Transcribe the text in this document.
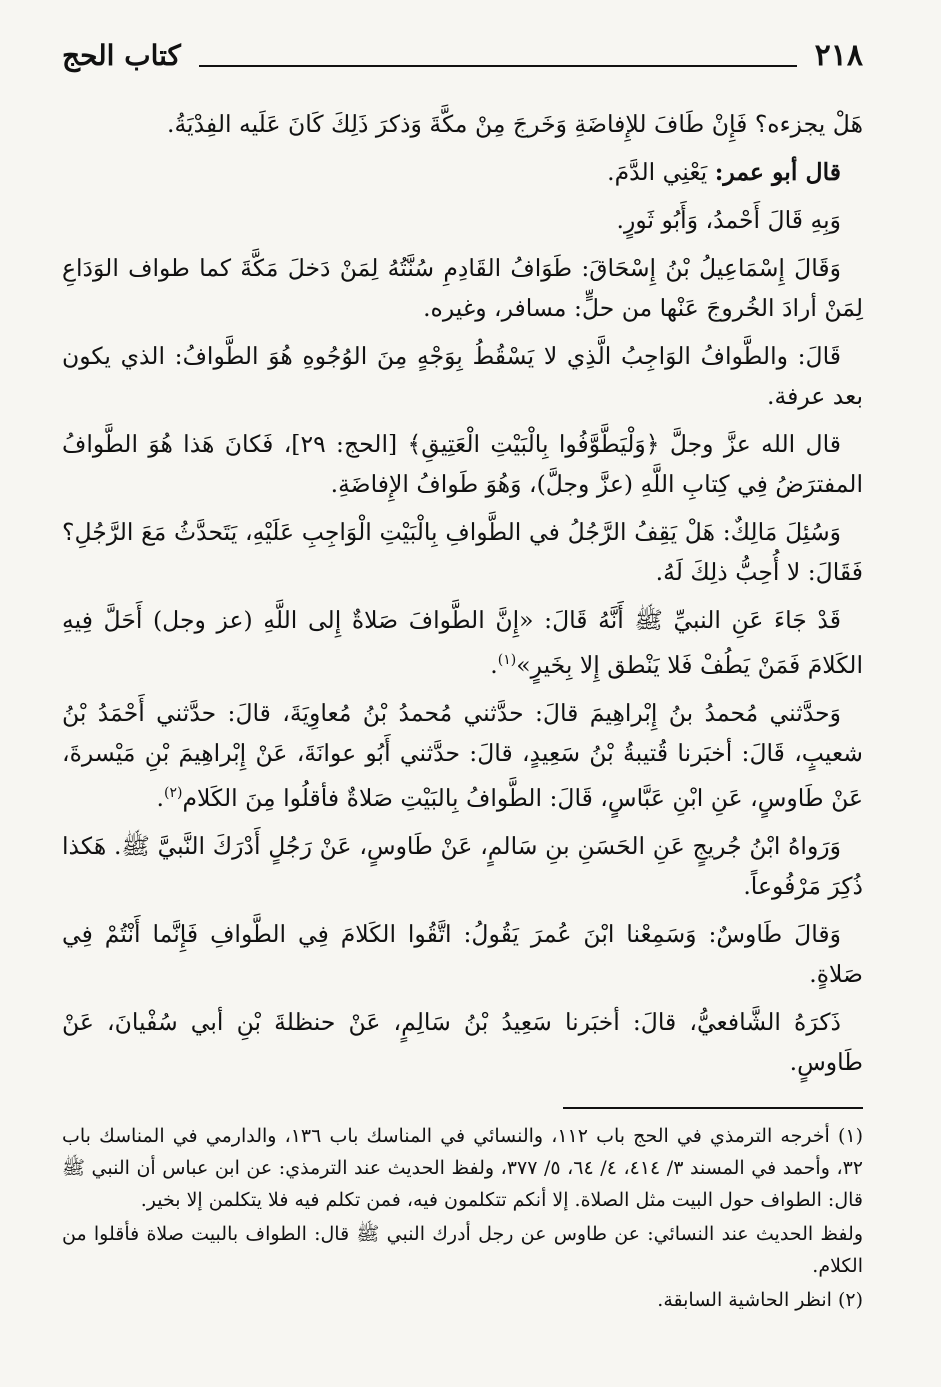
٢١٨
كتاب الحج

هَلْ يجزءه؟ فَإِنْ طَافَ للإِفاضَةِ وَخَرجَ مِنْ مكَّةَ وَذكرَ ذَلِكَ كَانَ عَلَيه الفِدْيَةُ.

قال أبو عمر: يَعْنِي الدَّمَ.

وَبِهِ قَالَ أَحْمدُ، وَأَبُو ثَورٍ.

وَقَالَ إِسْمَاعِيلُ بْنُ إِسْحَاقَ: طَوَافُ القَادِمِ سُنَّتُهُ لِمَنْ دَخلَ مَكَّةَ كما طواف الوَدَاعِ لِمَنْ أرادَ الخُروجَ عَنْها من حلٍّ: مسافر، وغيره.

قَالَ: والطَّوافُ الوَاجِبُ الَّذِي لا يَسْقُطُ بِوَجْهٍ مِنَ الوُجُوهِ هُوَ الطَّوافُ: الذي يكون بعد عرفة.

قال الله عزَّ وجلَّ ﴿وَلْيَطَّوَّفُوا بِالْبَيْتِ الْعَتِيقِ﴾ [الحج: ٢٩]، فَكانَ هَذا هُوَ الطَّوافُ المفترَضُ فِي كِتابِ اللَّهِ (عزَّ وجلَّ)، وَهُوَ طَوافُ الإِفاضَةِ.

وَسُئِلَ مَالِكٌ: هَلْ يَقِفُ الرَّجُلُ في الطَّوافِ بِالْبَيْتِ الْوَاجِبِ عَلَيْهِ، يَتَحدَّثُ مَعَ الرَّجُلِ؟ فَقَالَ: لا أُحِبُّ ذلِكَ لَهُ.

قَدْ جَاءَ عَنِ النبيِّ ﷺ أَنَّهُ قَالَ: «إِنَّ الطَّوافَ صَلاةٌ إِلى اللَّهِ (عز وجل) أَحَلَّ فِيهِ الكَلامَ فَمَنْ يَطُفْ فَلا يَنْطق إِلا بِخَيرٍ»$^{(١)}$.

وَحدَّثني مُحمدُ بنُ إِبْراهِيمَ قالَ: حدَّثني مُحمدُ بْنُ مُعاوِيَةَ، قالَ: حدَّثني أَحْمَدُ بْنُ شعيبٍ، قَالَ: أخبَرنا قُتيبةُ بْنُ سَعِيدٍ، قالَ: حدَّثني أَبُو عوانَةَ، عَنْ إِبْراهِيمَ بْنِ مَيْسرةَ، عَنْ طَاوسٍ، عَنِ ابْنِ عَبَّاسٍ، قَالَ: الطَّوافُ بِالبَيْتِ صَلاةٌ فأقلُوا مِنَ الكَلام$^{(٢)}$.

وَرَواهُ ابْنُ جُريجٍ عَنِ الحَسَنِ بنِ سَالمٍ، عَنْ طَاوسٍ، عَنْ رَجُلٍ أَدْرَكَ النَّبيَّ ﷺ. هَكذا ذُكِرَ مَرْفُوعاً.

وَقالَ طَاوسٌ: وَسَمِعْنا ابْنَ عُمرَ يَقُولُ: اتَّقُوا الكَلامَ فِي الطَّوافِ فَإِنَّما أَنْتُمْ فِي صَلاةٍ.

ذَكرَهُ الشَّافعيُّ، قالَ: أخبَرنا سَعِيدُ بْنُ سَالِمٍ، عَنْ حنظلةَ بْنِ أبي سُفْيانَ، عَنْ طَاوسٍ.

(١) أخرجه الترمذي في الحج باب ١١٢، والنسائي في المناسك باب ١٣٦، والدارمي في المناسك باب ٣٢، وأحمد في المسند ٣/ ٤١٤، ٤/ ٦٤، ٥/ ٣٧٧، ولفظ الحديث عند الترمذي: عن ابن عباس أن النبي ﷺ قال: الطواف حول البيت مثل الصلاة. إلا أنكم تتكلمون فيه، فمن تكلم فيه فلا يتكلمن إلا بخير.

ولفظ الحديث عند النسائي: عن طاوس عن رجل أدرك النبي ﷺ قال: الطواف بالبيت صلاة فأقلوا من الكلام.

(٢) انظر الحاشية السابقة.
